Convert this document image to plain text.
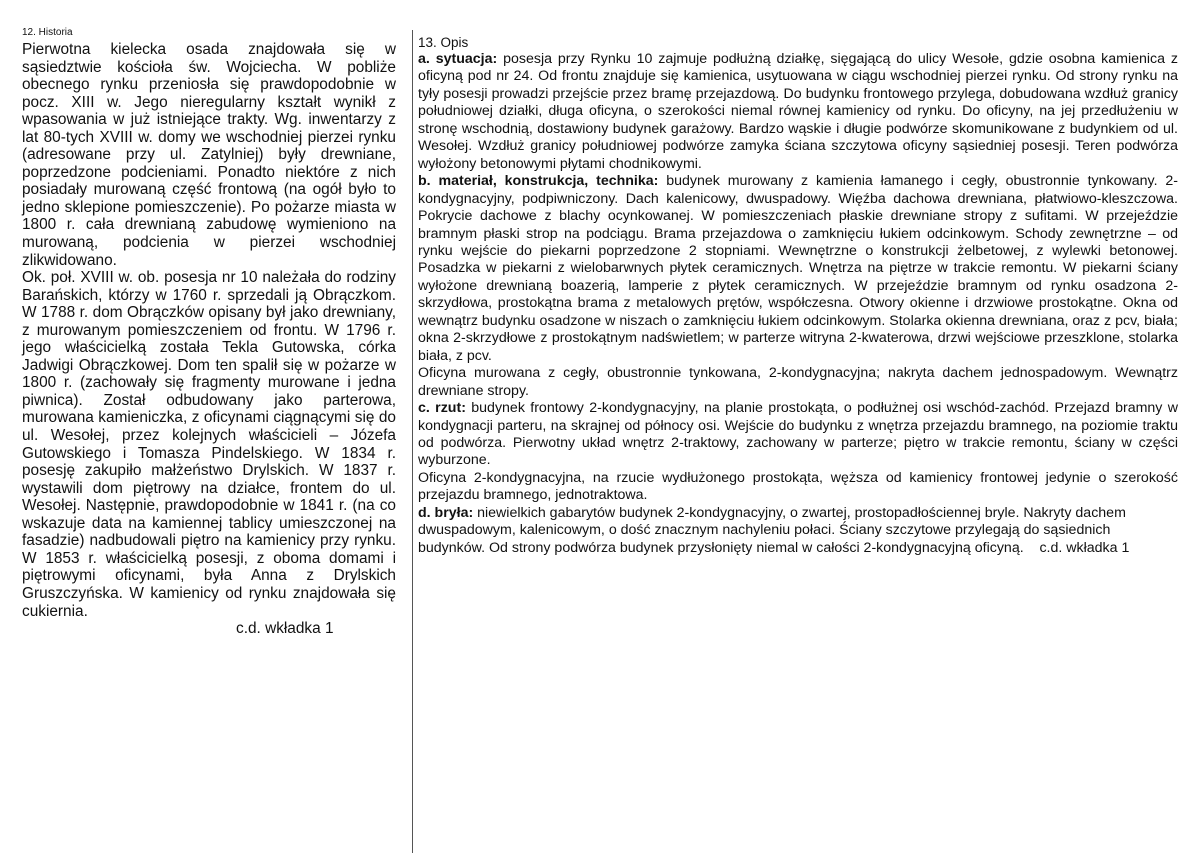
12. Historia

Pierwotna kielecka osada znajdowała się w sąsiedztwie kościoła św. Wojciecha. W pobliże obecnego rynku przeniosła się prawdopodobnie w pocz. XIII w. Jego nieregularny kształt wynikł z wpasowania w już istniejące trakty. Wg. inwentarzy z lat 80-tych XVIII w. domy we wschodniej pierzei rynku (adresowane przy ul. Zatylniej) były drewniane, poprzedzone podcieniami. Ponadto niektóre z nich posiadały murowaną część frontową (na ogół było to jedno sklepione pomieszczenie). Po pożarze miasta w 1800 r. cała drewnianą zabudowę wymieniono na murowaną, podcienia w pierzei wschodniej zlikwidowano.

Ok. poł. XVIII w. ob. posesja nr 10 należała do rodziny Barańskich, którzy w 1760 r. sprzedali ją Obrączkom. W 1788 r. dom Obrączków opisany był jako drewniany, z murowanym pomieszczeniem od frontu. W 1796 r. jego właścicielką została Tekla Gutowska, córka Jadwigi Obrączkowej. Dom ten spalił się w pożarze w 1800 r. (zachowały się fragmenty murowane i jedna piwnica). Został odbudowany jako parterowa, murowana kamieniczka, z oficynami ciągnącymi się do ul. Wesołej, przez kolejnych właścicieli – Józefa Gutowskiego i Tomasza Pindelskiego. W 1834 r. posesję zakupiło małżeństwo Drylskich. W 1837 r. wystawili dom piętrowy na działce, frontem do ul. Wesołej. Następnie, prawdopodobnie w 1841 r. (na co wskazuje data na kamiennej tablicy umieszczonej na fasadzie) nadbudowali piętro na kamienicy przy rynku. W 1853 r. właścicielką posesji, z oboma domami i piętrowymi oficynami, była Anna z Drylskich Gruszczyńska. W kamienicy od rynku znajdowała się cukiernia.

c.d. wkładka 1
13. Opis

a. sytuacja: posesja przy Rynku 10 zajmuje podłużną działkę, sięgającą do ulicy Wesołe, gdzie osobna kamienica z oficyną pod nr 24. Od frontu znajduje się kamienica, usytuowana w ciągu wschodniej pierzei rynku. Od strony rynku na tyły posesji prowadzi przejście przez bramę przejazdową. Do budynku frontowego przylega, dobudowana wzdłuż granicy południowej działki, długa oficyna, o szerokości niemal równej kamienicy od rynku. Do oficyny, na jej przedłużeniu w stronę wschodnią, dostawiony budynek garażowy. Bardzo wąskie i długie podwórze skomunikowane z budynkiem od ul. Wesołej. Wzdłuż granicy południowej podwórze zamyka ściana szczytowa oficyny sąsiedniej posesji. Teren podwórza wyłożony betonowymi płytami chodnikowymi.

b. materiał, konstrukcja, technika: budynek murowany z kamienia łamanego i cegły, obustronnie tynkowany. 2- kondygnacyjny, podpiwniczony. Dach kalenicowy, dwuspadowy. Więźba dachowa drewniana, płatwiowo-kleszczowa. Pokrycie dachowe z blachy ocynkowanej. W pomieszczeniach płaskie drewniane stropy z sufitami. W przejeździe bramnym płaski strop na podciągu. Brama przejazdowa o zamknięciu łukiem odcinkowym. Schody zewnętrzne – od rynku wejście do piekarni poprzedzone 2 stopniami. Wewnętrzne o konstrukcji żelbetowej, z wylewki betonowej. Posadzka w piekarni z wielobarwnych płytek ceramicznych. Wnętrza na piętrze w trakcie remontu. W piekarni ściany wyłożone drewnianą boazerią, lamperie z płytek ceramicznych. W przejeździe bramnym od rynku osadzona 2-skrzydłowa, prostokątna brama z metalowych prętów, współczesna. Otwory okienne i drzwiowe prostokątne. Okna od wewnątrz budynku osadzone w niszach o zamknięciu łukiem odcinkowym. Stolarka okienna drewniana, oraz z pcv, biała; okna 2-skrzydłowe z prostokątnym nadświetlem; w parterze witryna 2-kwaterowa, drzwi wejściowe przeszklone, stolarka biała, z pcv.

Oficyna murowana z cegły, obustronnie tynkowana, 2-kondygnacyjna; nakryta dachem jednospadowym. Wewnątrz drewniane stropy.

c. rzut: budynek frontowy 2-kondygnacyjny, na planie prostokąta, o podłużnej osi wschód-zachód. Przejazd bramny w kondygnacji parteru, na skrajnej od północy osi. Wejście do budynku z wnętrza przejazdu bramnego, na poziomie traktu od podwórza. Pierwotny układ wnętrz 2-traktowy, zachowany w parterze; piętro w trakcie remontu, ściany w części wyburzone.

Oficyna 2-kondygnacyjna, na rzucie wydłużonego prostokąta, węższa od kamienicy frontowej jedynie o szerokość przejazdu bramnego, jednotraktowa.

d. bryła: niewielkich gabarytów budynek 2-kondygnacyjny, o zwartej, prostopadłościennej bryle. Nakryty dachem dwuspadowym, kalenicowym, o dość znacznym nachyleniu połaci. Ściany szczytowe przylegają do sąsiednich budynków. Od strony podwórza budynek przysłonięty niemal w całości 2-kondygnacyjną oficyną. c.d. wkładka 1
